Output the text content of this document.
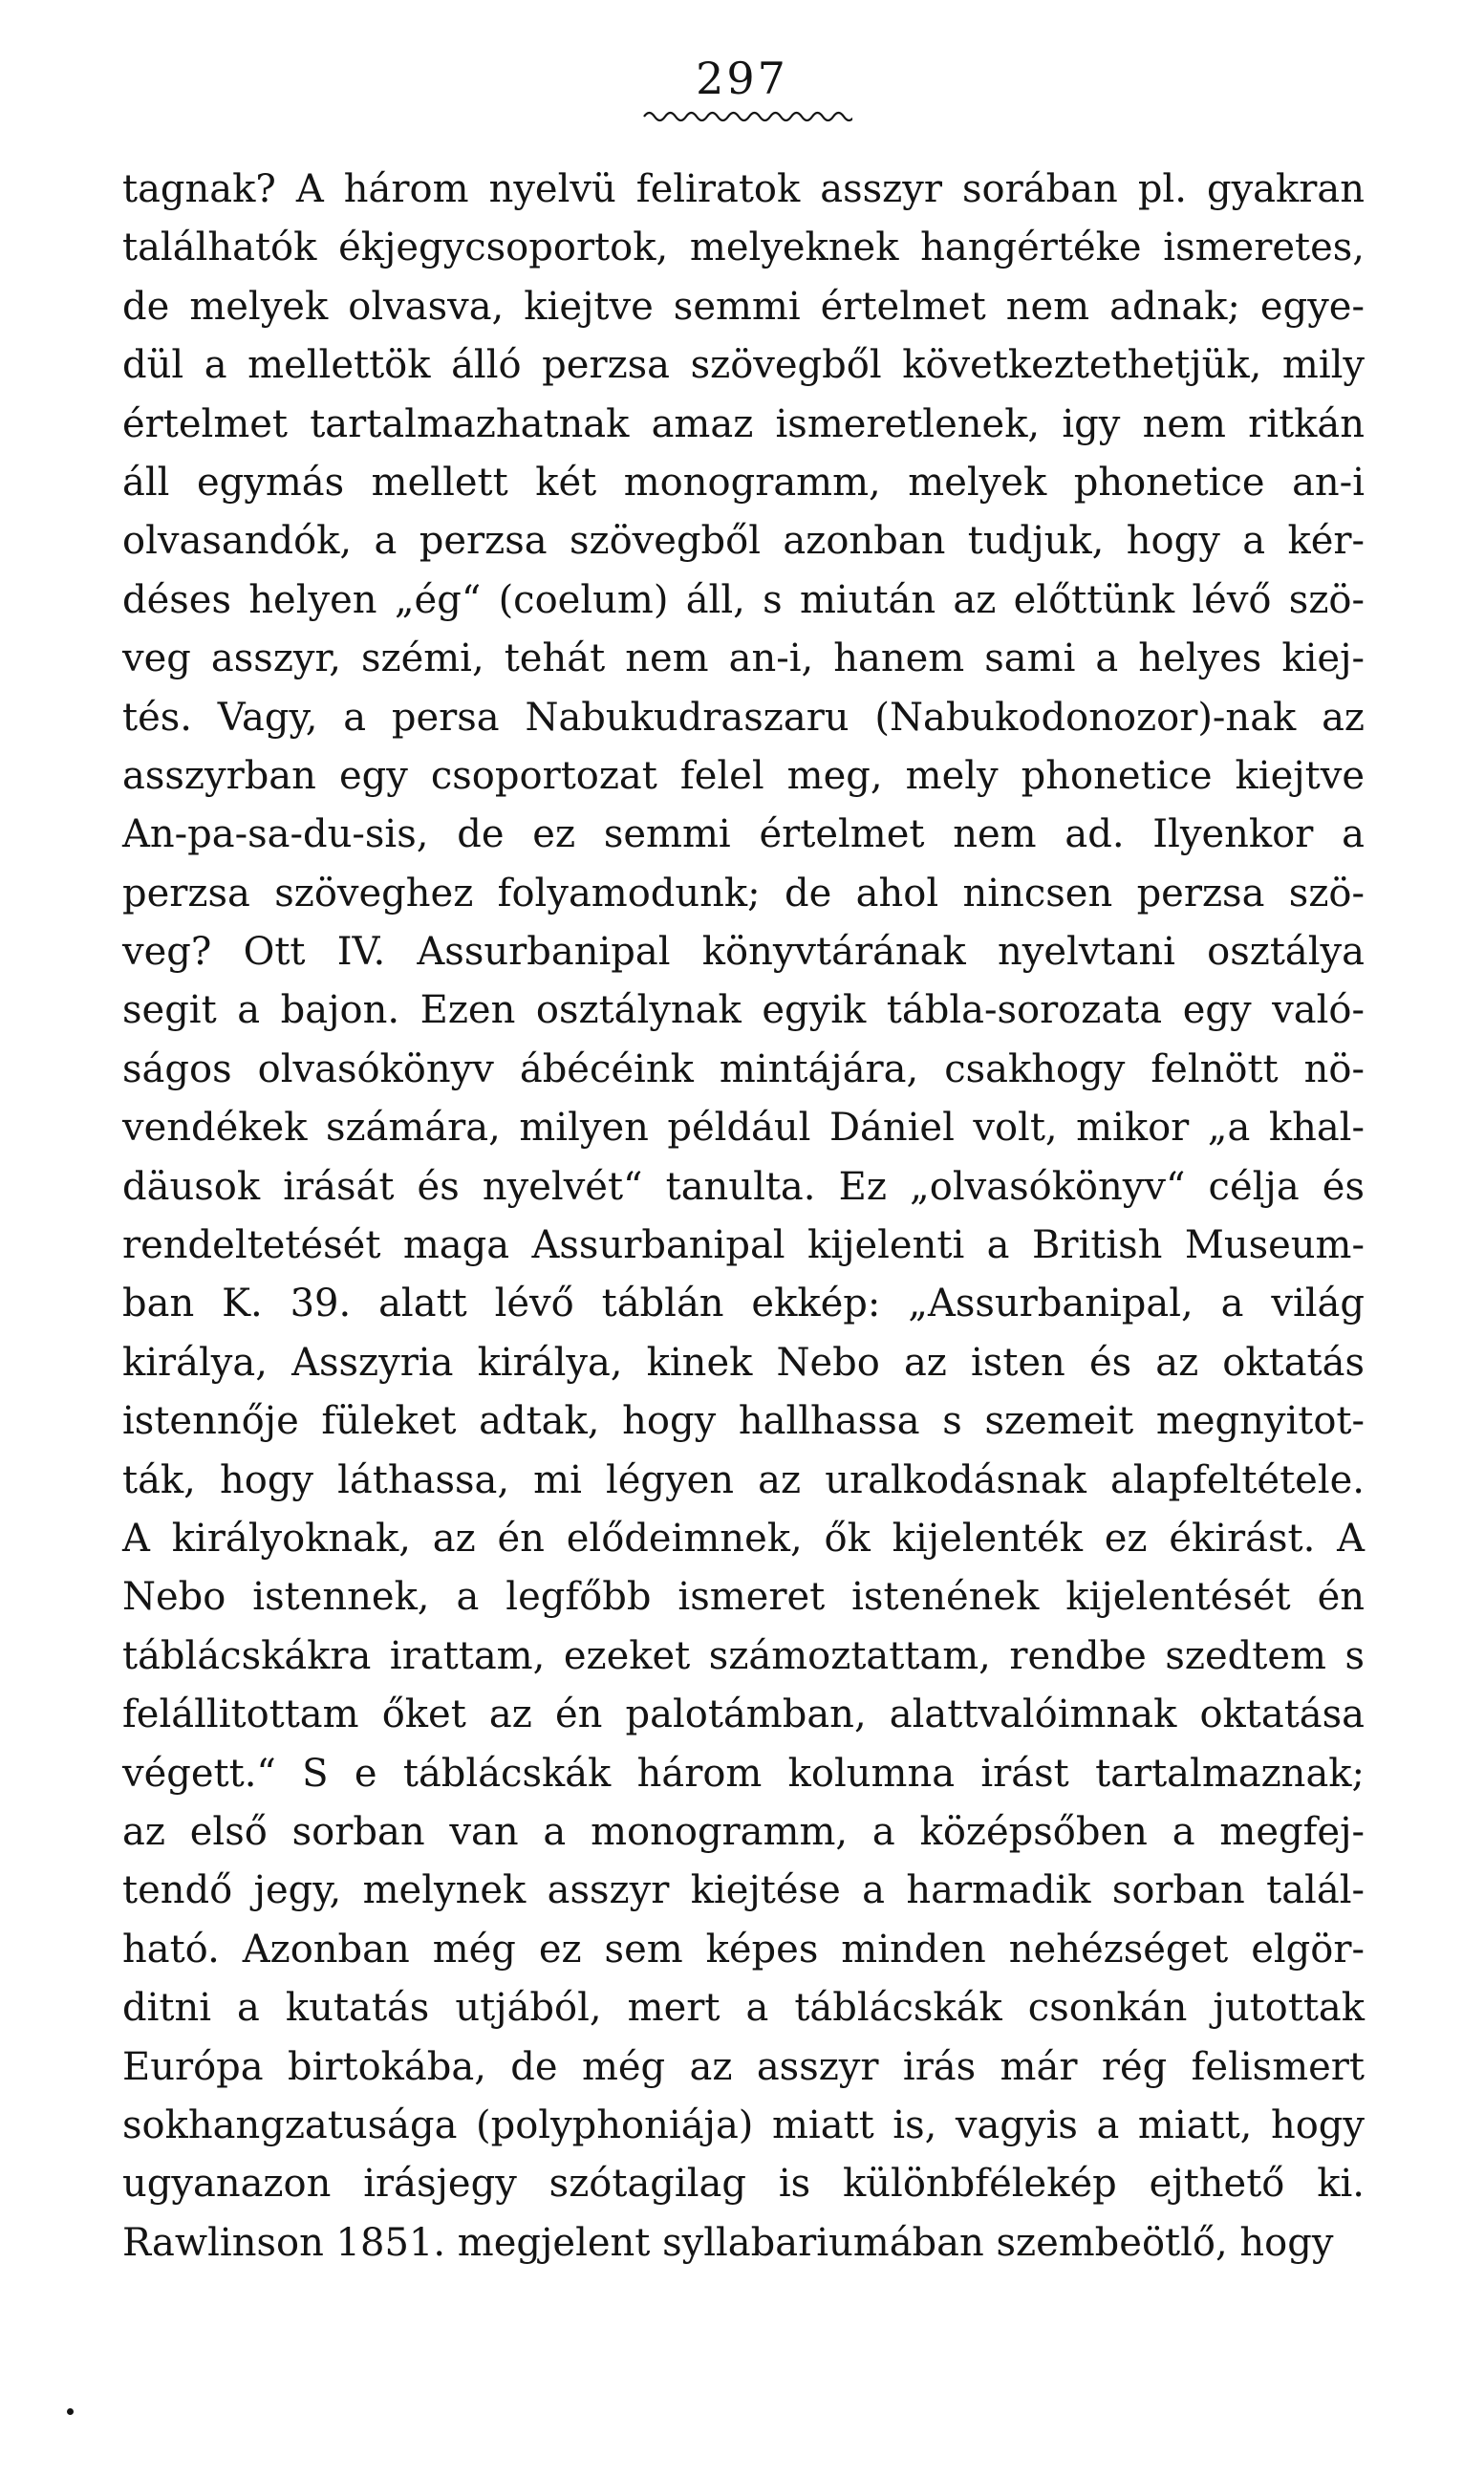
297
tagnak? A három nyelvü feliratok asszyr sorában pl. gyakran
találhatók ékjegycsoportok, melyeknek hangértéke ismeretes,
de melyek olvasva, kiejtve semmi értelmet nem adnak; egye-
dül a mellettök álló perzsa szövegből következtethetjük, mily
értelmet tartalmazhatnak amaz ismeretlenek, igy nem ritkán
áll egymás mellett két monogramm, melyek phonetice an-i
olvasandók, a perzsa szövegből azonban tudjuk, hogy a kér-
déses helyen „ég“ (coelum) áll, s miután az előttünk lévő szö-
veg asszyr, szémi, tehát nem an-i, hanem sami a helyes kiej-
tés. Vagy, a persa Nabukudraszaru (Nabukodonozor)-nak az
asszyrban egy csoportozat felel meg, mely phonetice kiejtve
An-pa-sa-du-sis, de ez semmi értelmet nem ad. Ilyenkor a
perzsa szöveghez folyamodunk; de ahol nincsen perzsa szö-
veg? Ott IV. Assurbanipal könyvtárának nyelvtani osztálya
segit a bajon. Ezen osztálynak egyik tábla-sorozata egy való-
ságos olvasókönyv ábécéink mintájára, csakhogy felnött nö-
vendékek számára, milyen például Dániel volt, mikor „a khal-
däusok irását és nyelvét“ tanulta. Ez „olvasókönyv“ célja és
rendeltetését maga Assurbanipal kijelenti a British Museum-
ban K. 39. alatt lévő táblán ekkép: „Assurbanipal, a világ
királya, Asszyria királya, kinek Nebo az isten és az oktatás
istennője füleket adtak, hogy hallhassa s szemeit megnyitot-
ták, hogy láthassa, mi légyen az uralkodásnak alapfeltétele.
A királyoknak, az én elődeimnek, ők kijelenték ez ékirást. A
Nebo istennek, a legfőbb ismeret istenének kijelentését én
táblácskákra irattam, ezeket számoztattam, rendbe szedtem s
felállitottam őket az én palotámban, alattvalóimnak oktatása
végett.“ S e táblácskák három kolumna irást tartalmaznak;
az első sorban van a monogramm, a középsőben a megfej-
tendő jegy, melynek asszyr kiejtése a harmadik sorban talál-
ható. Azonban még ez sem képes minden nehézséget elgör-
ditni a kutatás utjából, mert a táblácskák csonkán jutottak
Európa birtokába, de még az asszyr irás már rég felismert
sokhangzatusága (polyphoniája) miatt is, vagyis a miatt, hogy
ugyanazon irásjegy szótagilag is különbfélekép ejthető ki.
Rawlinson 1851. megjelent syllabariumában szembeötlő, hogy
